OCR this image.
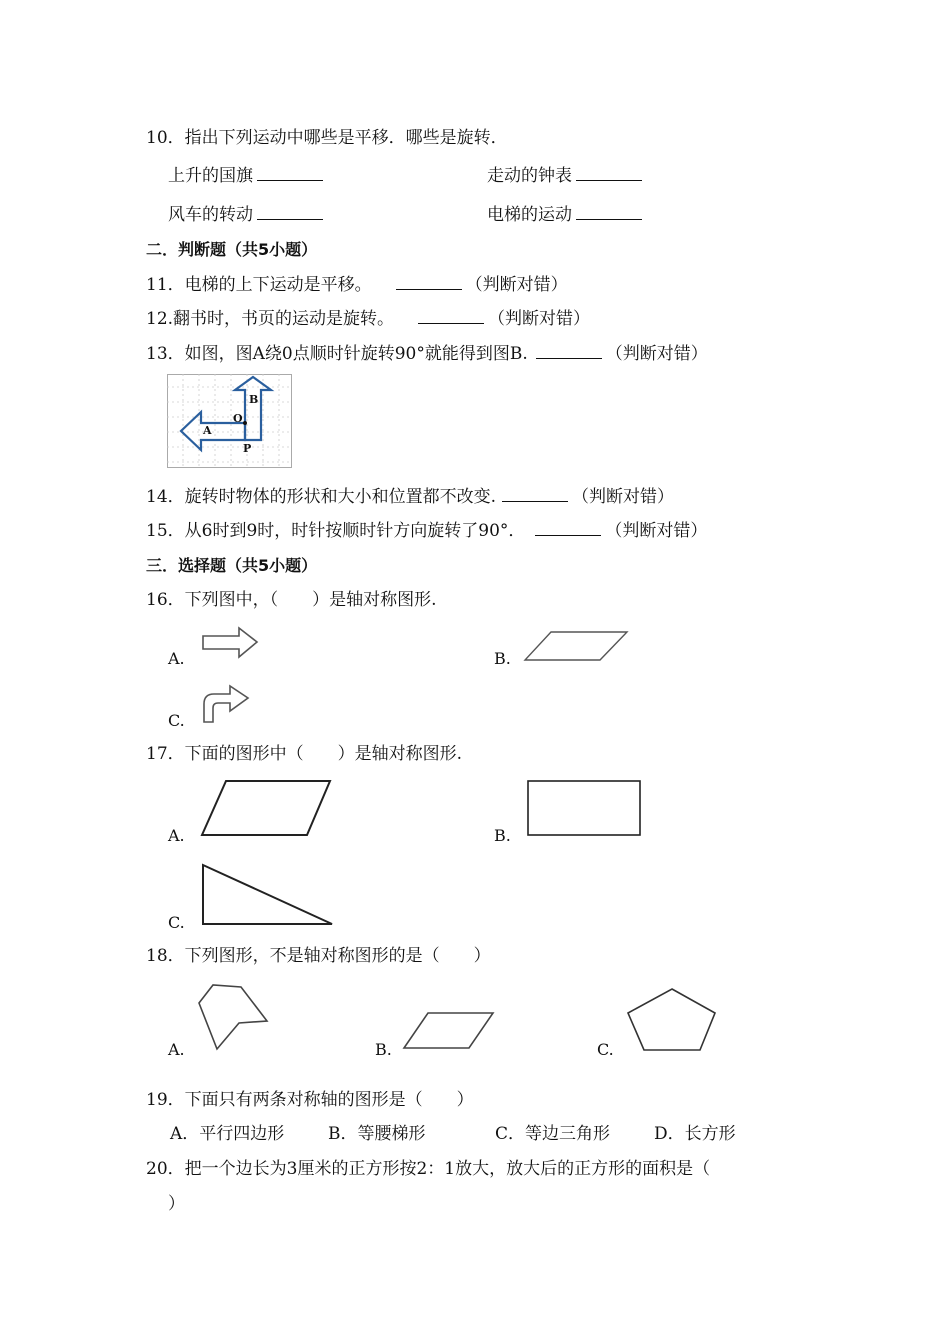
10．指出下列运动中哪些是平移．哪些是旋转．
上升的国旗	走动的钟表
风车的转动	电梯的运动
二．判断题（共5小题）
11．电梯的上下运动是平移。	（判断对错）
12.翻书时，书页的运动是旋转。	（判断对错）
13．如图，图A绕0点顺时针旋转90°就能得到图B.	（判断对错）
A
B
O
P
14．旋转时物体的形状和大小和位置都不改变.	（判断对错）
15．从6时到9时，时针按顺时针方向旋转了90°．	（判断对错）
三．选择题（共5小题）
16．下列图中，（　　）是轴对称图形.
A.	B.
C.
17．下面的图形中（　　）是轴对称图形.
A.	B.
C.
18．下列图形，不是轴对称图形的是（　　）
A.	B.	C.
19．下面只有两条对称轴的图形是（　　）
A．平行四边形	B．等腰梯形	C．等边三角形	D．长方形
20．把一个边长为3厘米的正方形按2：1放大，放大后的正方形的面积是（
）
